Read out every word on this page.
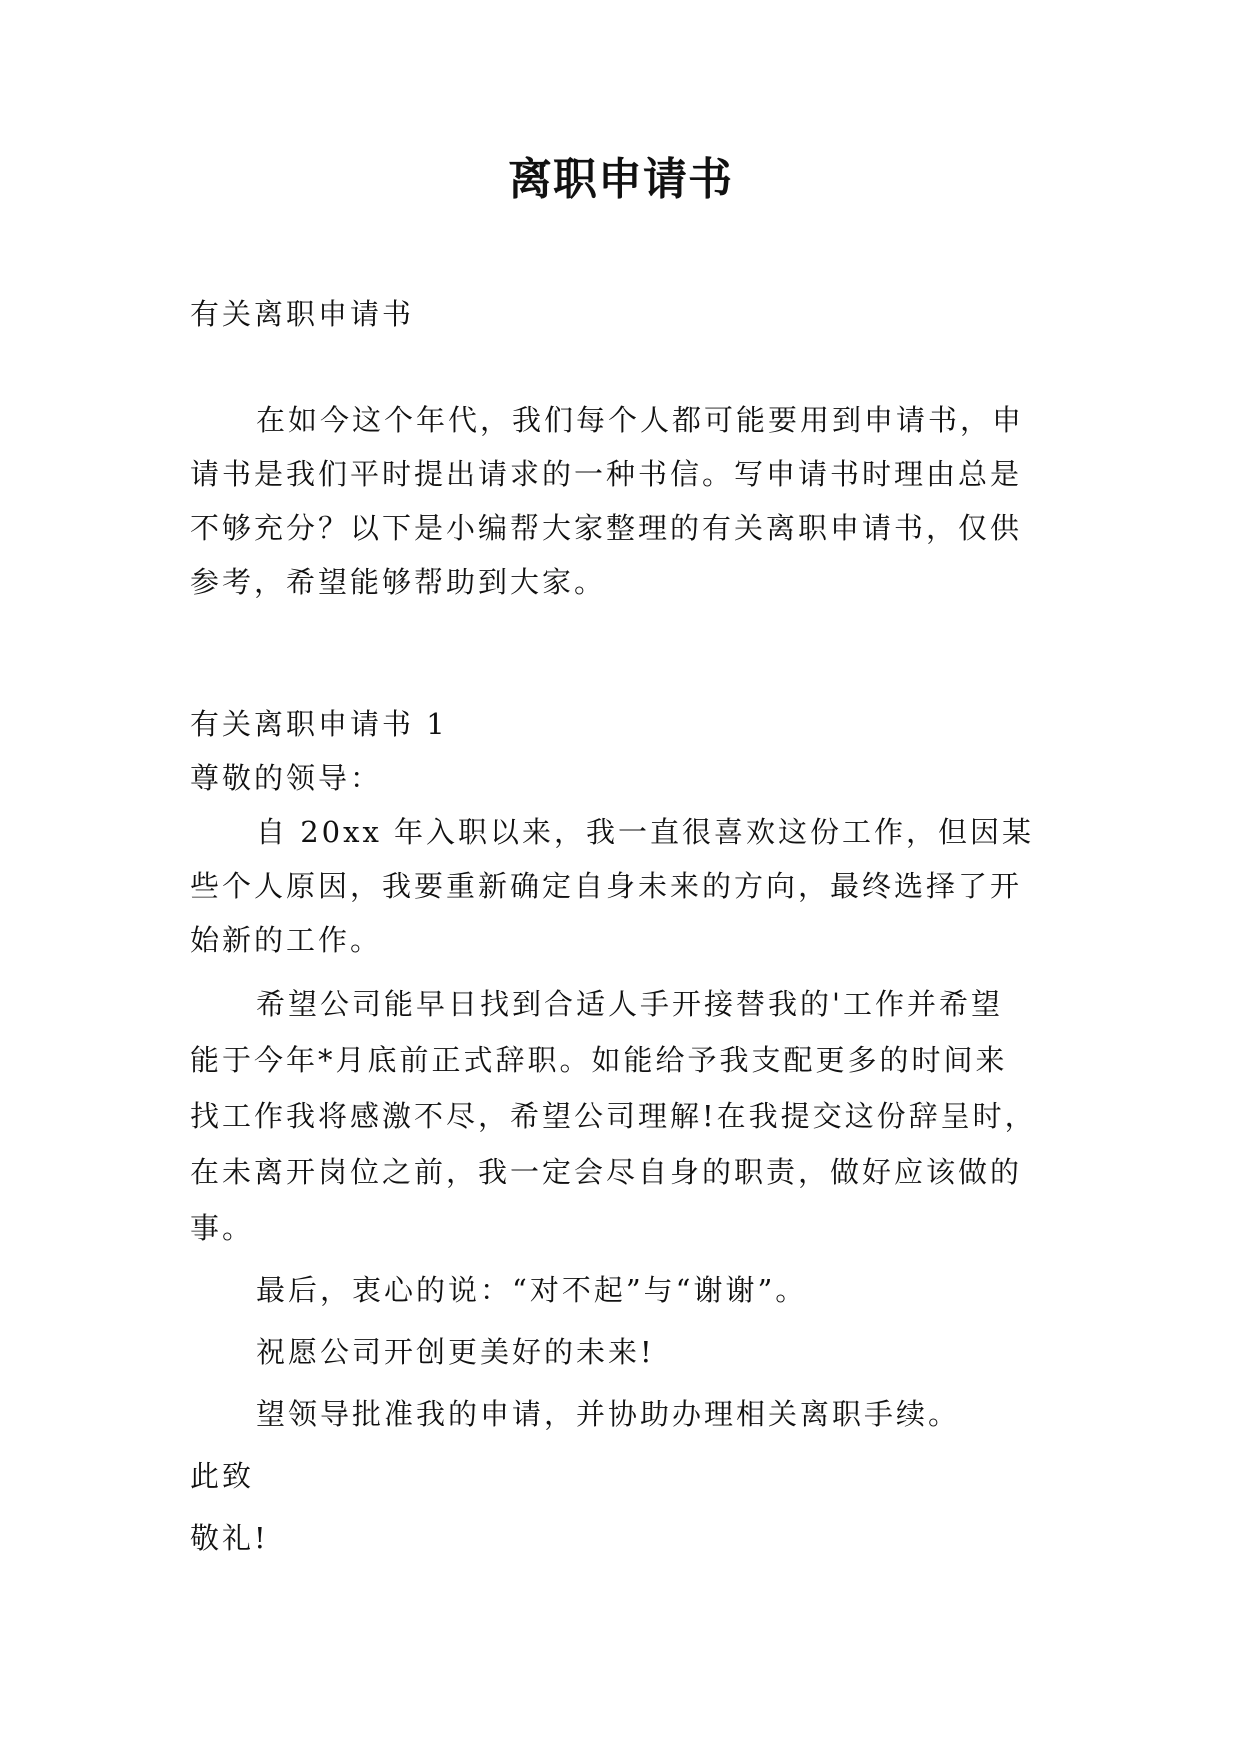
离职申请书
有关离职申请书
在如今这个年代，我们每个人都可能要用到申请书，申
请书是我们平时提出请求的一种书信。写申请书时理由总是
不够充分？以下是小编帮大家整理的有关离职申请书，仅供
参考，希望能够帮助到大家。
有关离职申请书 1
尊敬的领导：
自 20xx 年入职以来，我一直很喜欢这份工作，但因某
些个人原因，我要重新确定自身未来的方向，最终选择了开
始新的工作。
希望公司能早日找到合适人手开接替我的'工作并希望
能于今年*月底前正式辞职。如能给予我支配更多的时间来
找工作我将感激不尽，希望公司理解!在我提交这份辞呈时，
在未离开岗位之前，我一定会尽自身的职责，做好应该做的
事。
最后，衷心的说：“对不起”与“谢谢”。
祝愿公司开创更美好的未来!
望领导批准我的申请，并协助办理相关离职手续。
此致
敬礼!
